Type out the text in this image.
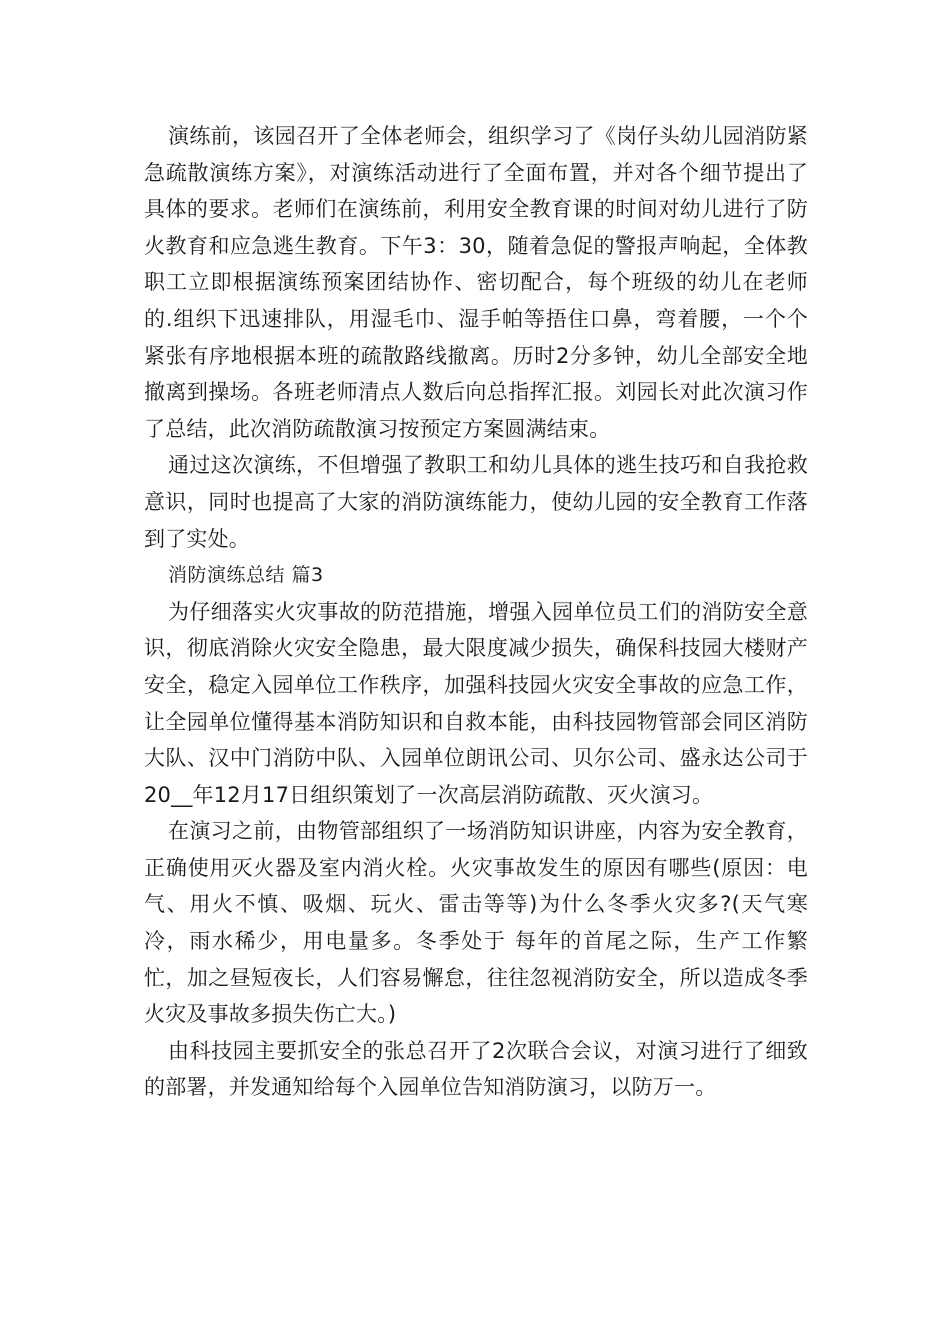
演练前，该园召开了全体老师会，组织学习了《岗仔头幼儿园消防紧急疏散演练方案》，对演练活动进行了全面布置，并对各个细节提出了具体的要求。老师们在演练前，利用安全教育课的时间对幼儿进行了防火教育和应急逃生教育。下午3：30，随着急促的警报声响起，全体教职工立即根据演练预案团结协作、密切配合，每个班级的幼儿在老师的.组织下迅速排队，用湿毛巾、湿手帕等捂住口鼻，弯着腰，一个个紧张有序地根据本班的疏散路线撤离。历时2分多钟，幼儿全部安全地撤离到操场。各班老师清点人数后向总指挥汇报。刘园长对此次演习作了总结，此次消防疏散演习按预定方案圆满结束。

通过这次演练，不但增强了教职工和幼儿具体的逃生技巧和自我抢救意识，同时也提高了大家的消防演练能力，使幼儿园的安全教育工作落到了实处。

消防演练总结 篇3

为仔细落实火灾事故的防范措施，增强入园单位员工们的消防安全意识，彻底消除火灾安全隐患，最大限度减少损失，确保科技园大楼财产安全，稳定入园单位工作秩序，加强科技园火灾安全事故的应急工作，让全园单位懂得基本消防知识和自救本能，由科技园物管部会同区消防大队、汉中门消防中队、入园单位朗讯公司、贝尔公司、盛永达公司于20__年12月17日组织策划了一次高层消防疏散、灭火演习。

在演习之前，由物管部组织了一场消防知识讲座，内容为安全教育，正确使用灭火器及室内消火栓。火灾事故发生的原因有哪些(原因：电气、用火不慎、吸烟、玩火、雷击等等)为什么冬季火灾多?(天气寒冷，雨水稀少，用电量多。冬季处于 每年的首尾之际，生产工作繁忙，加之昼短夜长，人们容易懈怠，往往忽视消防安全，所以造成冬季火灾及事故多损失伤亡大。)

由科技园主要抓安全的张总召开了2次联合会议，对演习进行了细致的部署，并发通知给每个入园单位告知消防演习，以防万一。
